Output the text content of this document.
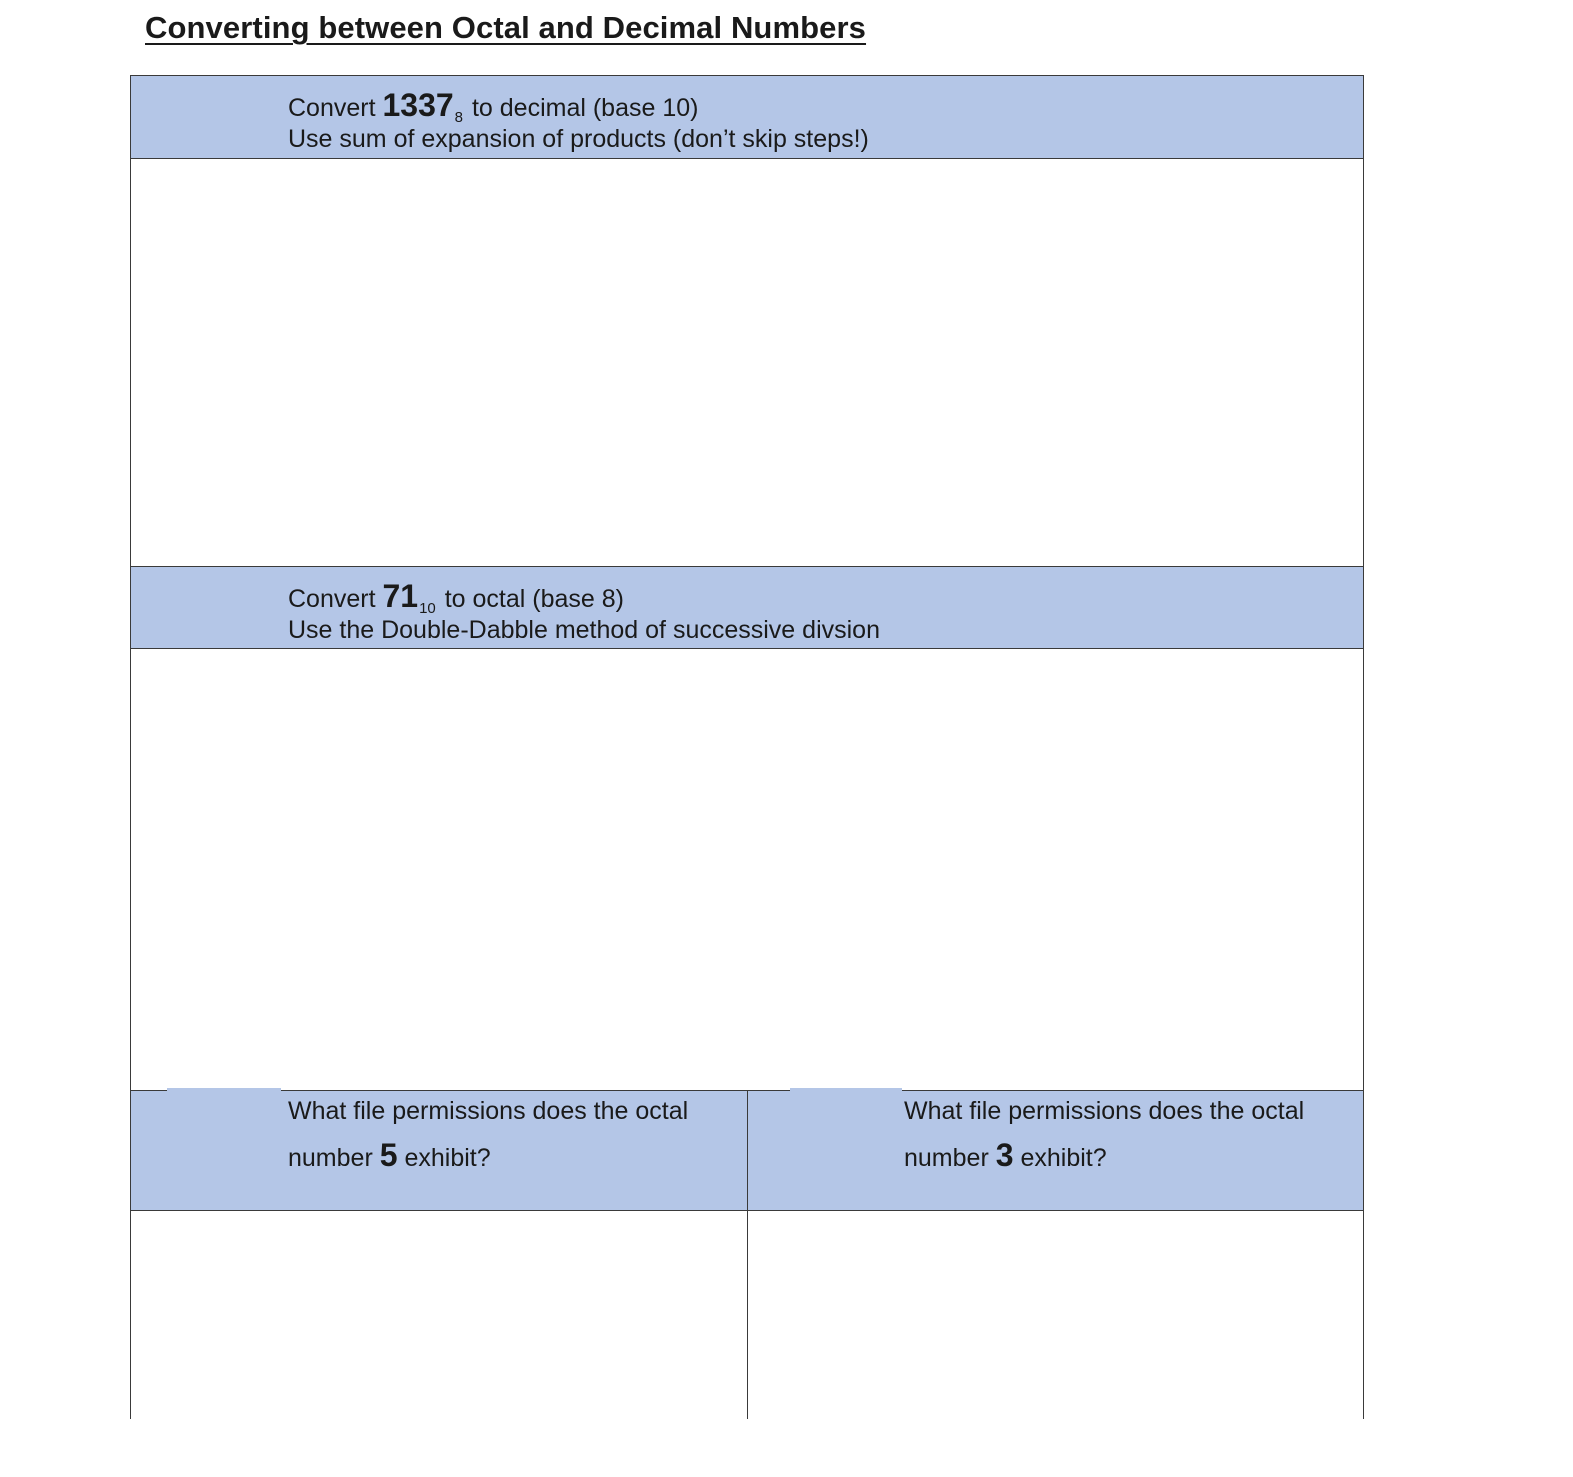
Converting between Octal and Decimal Numbers
Convert $1337_8$ to decimal (base 10)
Use sum of expansion of products (don’t skip steps!)
Convert $71_{10}$ to octal (base 8)
Use the Double-Dabble method of successive divsion
What file permissions does the octal
number 5 exhibit?
What file permissions does the octal
number 3 exhibit?
